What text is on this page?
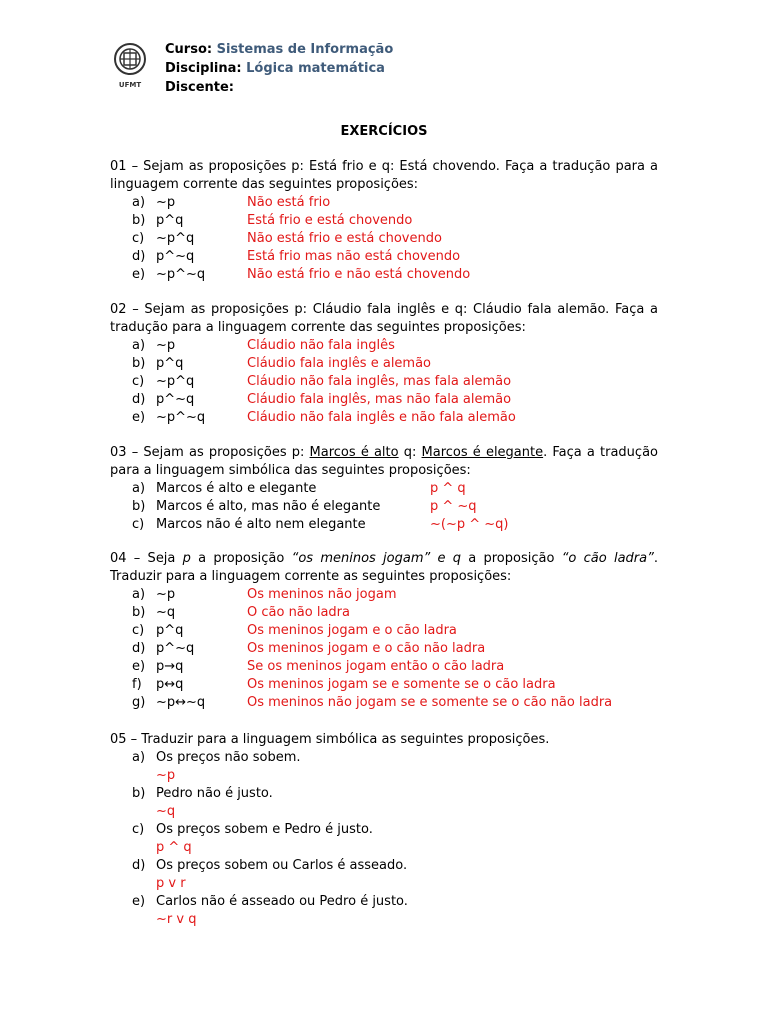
UFMT
Curso: Sistemas de Informação
Disciplina: Lógica matemática
Discente:
EXERCÍCIOS
01 – Sejam as proposições p: Está frio e q: Está chovendo. Faça a tradução para a linguagem corrente das seguintes proposições:
a) ~p	Não está frio
b) p^q	Está frio e está chovendo
c) ~p^q	Não está frio e está chovendo
d) p^~q	Está frio mas não está chovendo
e) ~p^~q	Não está frio e não está chovendo
02 – Sejam as proposições p: Cláudio fala inglês e q: Cláudio fala alemão. Faça a tradução para a linguagem corrente das seguintes proposições:
a) ~p	Cláudio não fala inglês
b) p^q	Cláudio fala inglês e alemão
c) ~p^q	Cláudio não fala inglês, mas fala alemão
d) p^~q	Cláudio fala inglês, mas não fala alemão
e) ~p^~q	Cláudio não fala inglês e não fala alemão
03 – Sejam as proposições p: Marcos é alto q: Marcos é elegante. Faça a tradução para a linguagem simbólica das seguintes proposições:
a) Marcos é alto e elegante	p ^ q
b) Marcos é alto, mas não é elegante	p ^ ~q
c) Marcos não é alto nem elegante	~(~p ^ ~q)
04 – Seja p a proposição “os meninos jogam” e q a proposição “o cão ladra”. Traduzir para a linguagem corrente as seguintes proposições:
a) ~p	Os meninos não jogam
b) ~q	O cão não ladra
c) p^q	Os meninos jogam e o cão ladra
d) p^~q	Os meninos jogam e o cão não ladra
e) p→q	Se os meninos jogam então o cão ladra
f) p↔q	Os meninos jogam se e somente se o cão ladra
g) ~p↔~q	Os meninos não jogam se e somente se o cão não ladra
05 – Traduzir para a linguagem simbólica as seguintes proposições.
a) Os preços não sobem.
~p
b) Pedro não é justo.
~q
c) Os preços sobem e Pedro é justo.
p ^ q
d) Os preços sobem ou Carlos é asseado.
p v r
e) Carlos não é asseado ou Pedro é justo.
~r v q
